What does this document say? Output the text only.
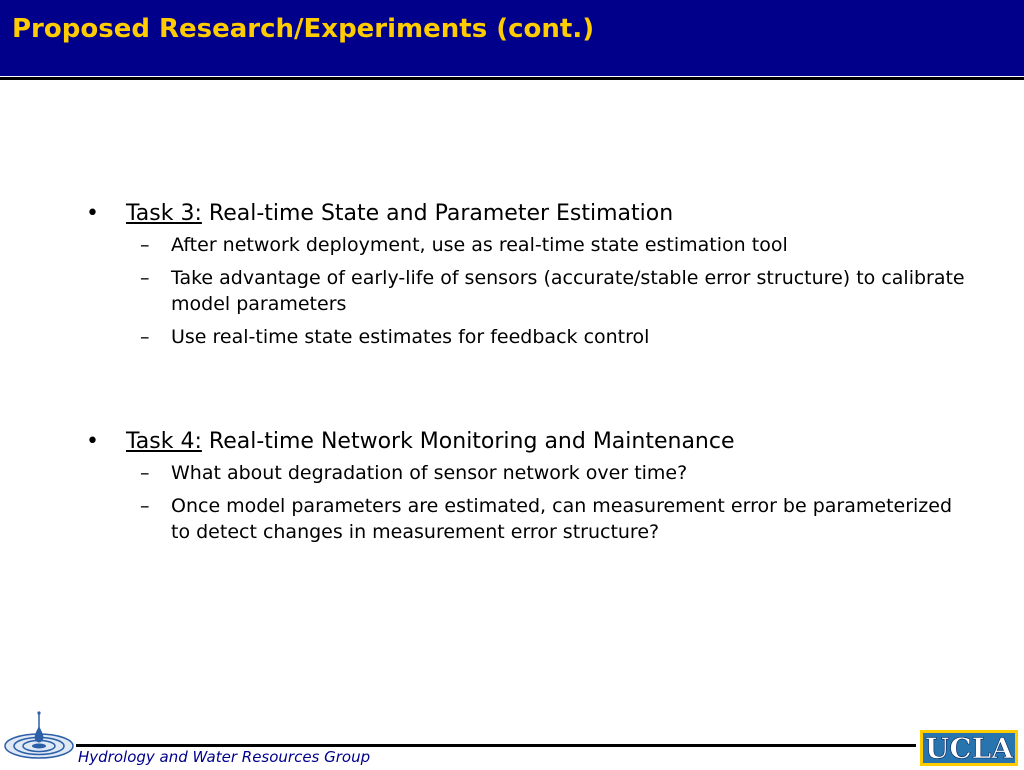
Proposed Research/Experiments (cont.)
• Task 3: Real-time State and Parameter Estimation
– After network deployment, use as real-time state estimation tool
– Take advantage of early-life of sensors (accurate/stable error structure) to calibrate model parameters
– Use real-time state estimates for feedback control
• Task 4: Real-time Network Monitoring and Maintenance
– What about degradation of sensor network over time?
– Once model parameters are estimated, can measurement error be parameterized to detect changes in measurement error structure?
Hydrology and Water Resources Group	UCLA
